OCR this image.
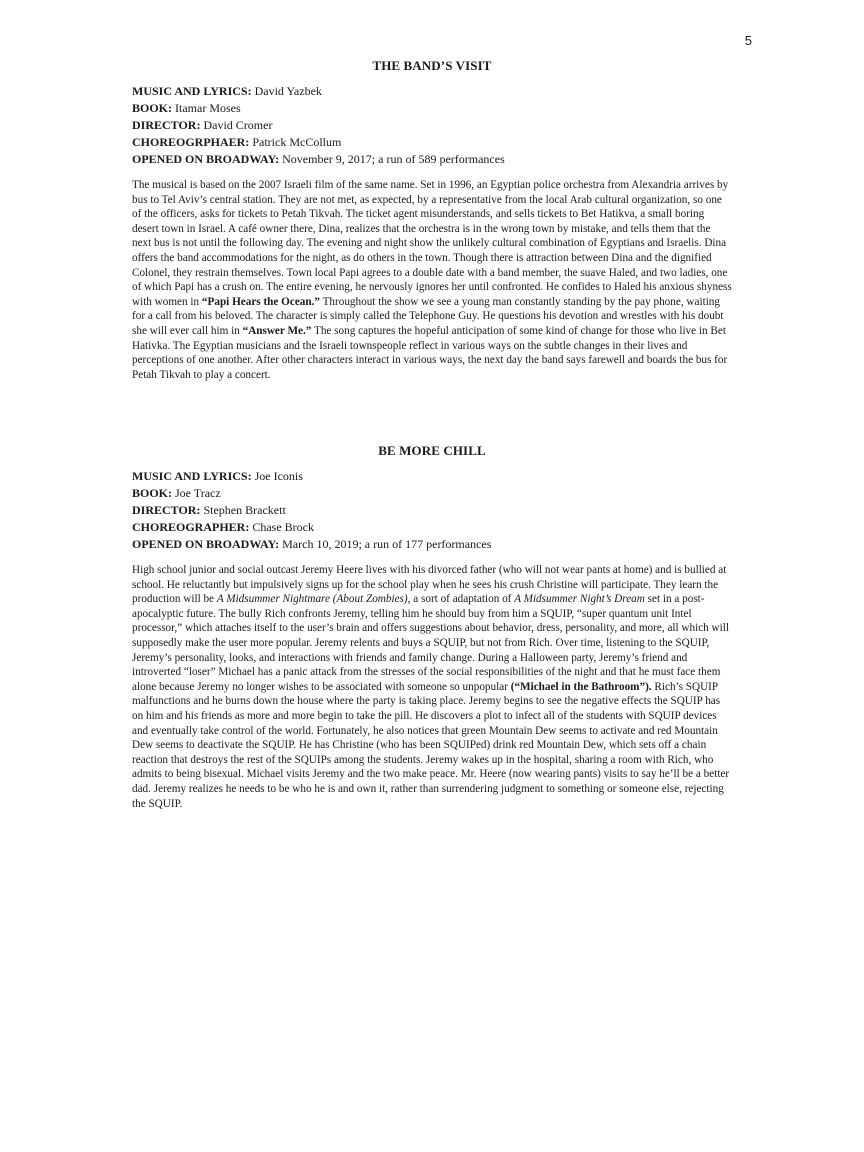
5
THE BAND’S VISIT

MUSIC AND LYRICS: David Yazbek

BOOK: Itamar Moses

DIRECTOR: David Cromer

CHOREOGRPHAER: Patrick McCollum

OPENED ON BROADWAY: November 9, 2017; a run of 589 performances

The musical is based on the 2007 Israeli film of the same name. Set in 1996, an Egyptian police orchestra from Alexandria arrives by bus to Tel Aviv’s central station. They are not met, as expected, by a representative from the local Arab cultural organization, so one of the officers, asks for tickets to Petah Tikvah. The ticket agent misunderstands, and sells tickets to Bet Hatikva, a small boring desert town in Israel. A café owner there, Dina, realizes that the orchestra is in the wrong town by mistake, and tells them that the next bus is not until the following day. The evening and night show the unlikely cultural combination of Egyptians and Israelis. Dina offers the band accommodations for the night, as do others in the town. Though there is attraction between Dina and the dignified Colonel, they restrain themselves. Town local Papi agrees to a double date with a band member, the suave Haled, and two ladies, one of which Papi has a crush on. The entire evening, he nervously ignores her until confronted. He confides to Haled his anxious shyness with women in “Papi Hears the Ocean.” Throughout the show we see a young man constantly standing by the pay phone, waiting for a call from his beloved. The character is simply called the Telephone Guy. He questions his devotion and wrestles with his doubt she will ever call him in “Answer Me.” The song captures the hopeful anticipation of some kind of change for those who live in Bet Hativka. The Egyptian musicians and the Israeli townspeople reflect in various ways on the subtle changes in their lives and perceptions of one another. After other characters interact in various ways, the next day the band says farewell and boards the bus for Petah Tikvah to play a concert.

BE MORE CHILL

MUSIC AND LYRICS: Joe Iconis

BOOK: Joe Tracz

DIRECTOR: Stephen Brackett

CHOREOGRAPHER: Chase Brock

OPENED ON BROADWAY: March 10, 2019; a run of 177 performances

High school junior and social outcast Jeremy Heere lives with his divorced father (who will not wear pants at home) and is bullied at school. He reluctantly but impulsively signs up for the school play when he sees his crush Christine will participate. They learn the production will be A Midsummer Nightmare (About Zombies), a sort of adaptation of A Midsummer Night’s Dream set in a post-apocalyptic future. The bully Rich confronts Jeremy, telling him he should buy from him a SQUIP, “super quantum unit Intel processor,” which attaches itself to the user’s brain and offers suggestions about behavior, dress, personality, and more, all which will supposedly make the user more popular. Jeremy relents and buys a SQUIP, but not from Rich. Over time, listening to the SQUIP, Jeremy’s personality, looks, and interactions with friends and family change. During a Halloween party, Jeremy’s friend and introverted “loser” Michael has a panic attack from the stresses of the social responsibilities of the night and that he must face them alone because Jeremy no longer wishes to be associated with someone so unpopular (“Michael in the Bathroom”). Rich’s SQUIP malfunctions and he burns down the house where the party is taking place. Jeremy begins to see the negative effects the SQUIP has on him and his friends as more and more begin to take the pill. He discovers a plot to infect all of the students with SQUIP devices and eventually take control of the world. Fortunately, he also notices that green Mountain Dew seems to activate and red Mountain Dew seems to deactivate the SQUIP. He has Christine (who has been SQUIPed) drink red Mountain Dew, which sets off a chain reaction that destroys the rest of the SQUIPs among the students. Jeremy wakes up in the hospital, sharing a room with Rich, who admits to being bisexual. Michael visits Jeremy and the two make peace. Mr. Heere (now wearing pants) visits to say he’ll be a better dad. Jeremy realizes he needs to be who he is and own it, rather than surrendering judgment to something or someone else, rejecting the SQUIP.
